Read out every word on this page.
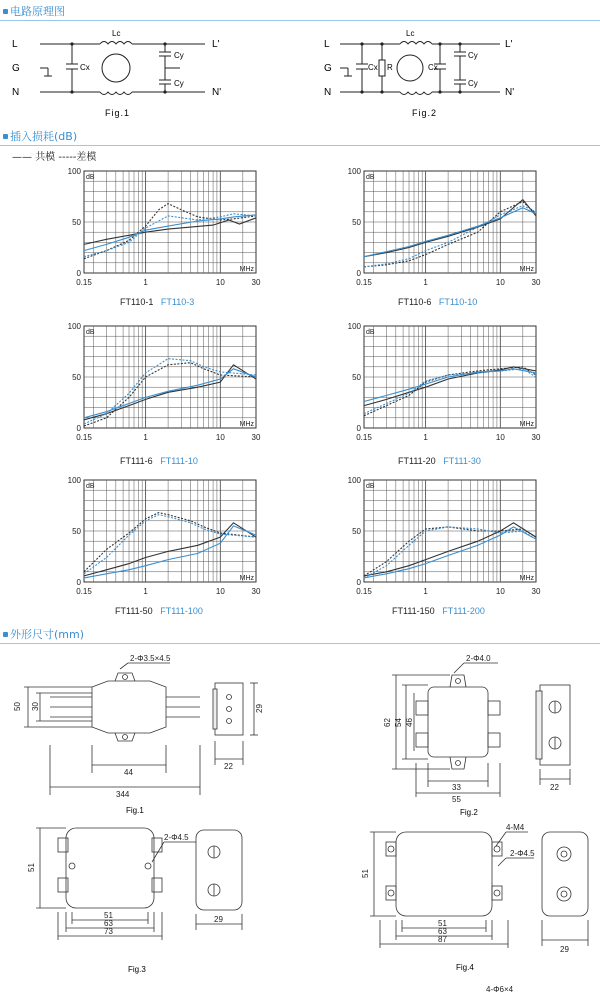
电路原理图
L
G
N
L'
N'
Lc
Cx
Cy
Cy
Fig.1
L
G
N
L'
N'
Lc
Cx R	Cx
Cy
Cy
Fig.2
插入损耗(dB)
—— 共模 -----差模
100
50
0
dB
MHz
0.15	1	10	30
100
50
0
dB
MHz
0.15	1	10	30
100
50
0
dB
MHz
0.15	1	10	30
100
50
0
dB
MHz
0.15	1	10	30
100
50
0
dB
MHz
0.15	1	10	30
100
50
0
dB
MHz
0.15	1	10	30
FT110-1 FT110-3	FT110-6 FT110-10
FT111-6 FT111-10	FT111-20 FT111-30
FT111-50 FT111-100	FT111-150 FT111-200
外形尺寸(mm)
2-Φ3.5×4.5
50 30
44
344
29
22
Fig.1
2-Φ4.0
62 54 46
33
55
22
Fig.2
2-Φ4.5
51
51
63
73
29
Fig.3
4-M4
2-Φ4.5
51
51
63
87
29
4-Φ6×4
Fig.4
